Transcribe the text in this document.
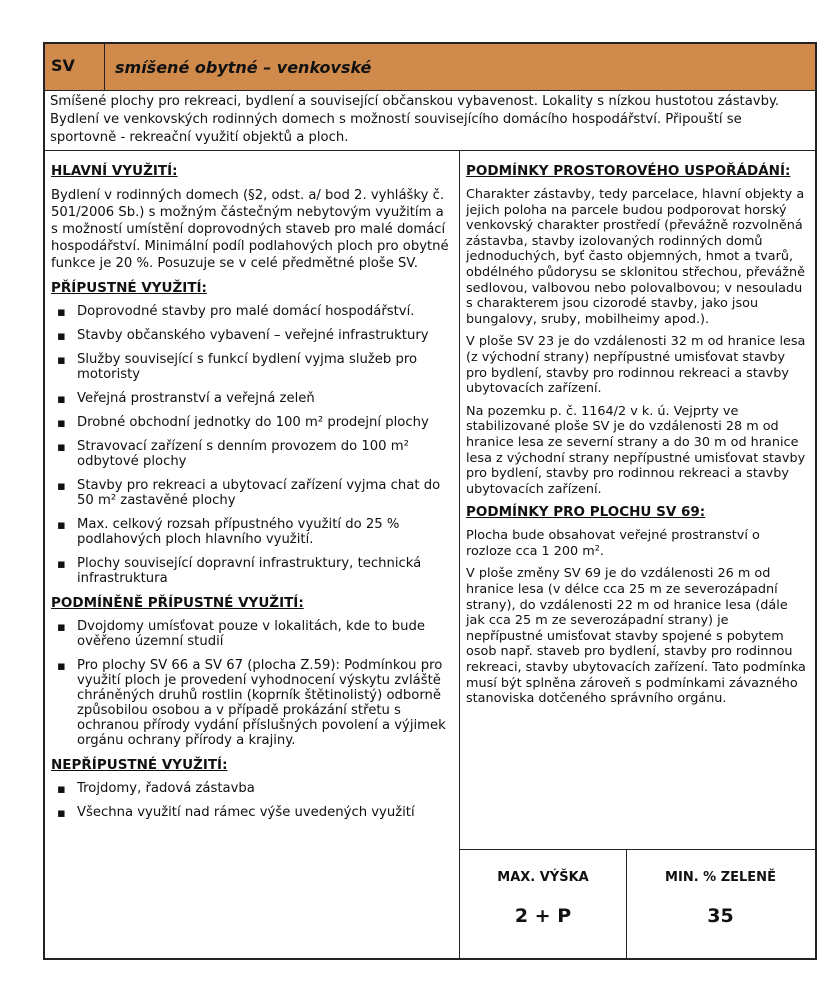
SV	smíšené obytné – venkovské
Smíšené plochy pro rekreaci, bydlení a související občanskou vybavenost. Lokality s nízkou hustotou zástavby. Bydlení ve venkovských rodinných domech s možností souvisejícího domácího hospodářství. Připouští se sportovně - rekreační využití objektů a ploch.
HLAVNÍ VYUŽITÍ:
Bydlení v rodinných domech (§2, odst. a/ bod 2. vyhlášky č. 501/2006 Sb.) s možným částečným nebytovým využitím a s možností umístění doprovodných staveb pro malé domácí hospodářství. Minimální podíl podlahových ploch pro obytné funkce je 20 %. Posuzuje se v celé předmětné ploše SV.
PŘÍPUSTNÉ VYUŽITÍ:
▪ Doprovodné stavby pro malé domácí hospodářství.
▪ Stavby občanského vybavení – veřejné infrastruktury
▪ Služby související s funkcí bydlení vyjma služeb pro motoristy
▪ Veřejná prostranství a veřejná zeleň
▪ Drobné obchodní jednotky do 100 m² prodejní plochy
▪ Stravovací zařízení s denním provozem do 100 m² odbytové plochy
▪ Stavby pro rekreaci a ubytovací zařízení vyjma chat do 50 m² zastavěné plochy
▪ Max. celkový rozsah přípustného využití do 25 % podlahových ploch hlavního využití.
▪ Plochy související dopravní infrastruktury, technická infrastruktura
PODMÍNĚNĚ PŘÍPUSTNÉ VYUŽITÍ:
▪ Dvojdomy umísťovat pouze v lokalitách, kde to bude ověřeno územní studií
▪ Pro plochy SV 66 a SV 67 (plocha Z.59): Podmínkou pro využití ploch je provedení vyhodnocení výskytu zvláště chráněných druhů rostlin (koprník štětinolistý) odborně způsobilou osobou a v případě prokázání střetu s ochranou přírody vydání příslušných povolení a výjimek orgánu ochrany přírody a krajiny.
NEPŘÍPUSTNÉ VYUŽITÍ:
▪ Trojdomy, řadová zástavba
▪ Všechna využití nad rámec výše uvedených využití
PODMÍNKY PROSTOROVÉHO USPOŘÁDÁNÍ:
Charakter zástavby, tedy parcelace, hlavní objekty a jejich poloha na parcele budou podporovat horský venkovský charakter prostředí (převážně rozvolněná zástavba, stavby izolovaných rodinných domů jednoduchých, byť často objemných, hmot a tvarů, obdélného půdorysu se sklonitou střechou, převážně sedlovou, valbovou nebo polovalbovou; v nesouladu s charakterem jsou cizorodé stavby, jako jsou bungalovy, sruby, mobilheimy apod.).
V ploše SV 23 je do vzdálenosti 32 m od hranice lesa (z východní strany) nepřípustné umisťovat stavby pro bydlení, stavby pro rodinnou rekreaci a stavby ubytovacích zařízení.
Na pozemku p. č. 1164/2 v k. ú. Vejprty ve stabilizované ploše SV je do vzdálenosti 28 m od hranice lesa ze severní strany a do 30 m od hranice lesa z východní strany nepřípustné umisťovat stavby pro bydlení, stavby pro rodinnou rekreaci a stavby ubytovacích zařízení.
PODMÍNKY PRO PLOCHU SV 69:
Plocha bude obsahovat veřejné prostranství o rozloze cca 1 200 m².
V ploše změny SV 69 je do vzdálenosti 26 m od hranice lesa (v délce cca 25 m ze severozápadní strany), do vzdálenosti 22 m od hranice lesa (dále jak cca 25 m ze severozápadní strany) je nepřípustné umisťovat stavby spojené s pobytem osob např. staveb pro bydlení, stavby pro rodinnou rekreaci, stavby ubytovacích zařízení. Tato podmínka musí být splněna zároveň s podmínkami závazného stanoviska dotčeného správního orgánu.
MAX. VÝŠKA
2 + P
MIN. % ZELENĚ
35
